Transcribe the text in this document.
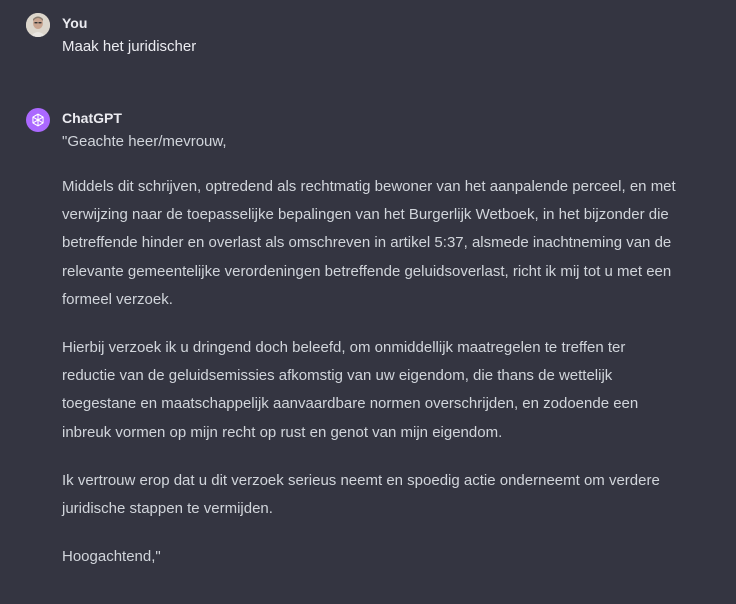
You
Maak het juridischer
ChatGPT

"Geachte heer/mevrouw,

Middels dit schrijven, optredend als rechtmatig bewoner van het aanpalende perceel, en met verwijzing naar de toepasselijke bepalingen van het Burgerlijk Wetboek, in het bijzonder die betreffende hinder en overlast als omschreven in artikel 5:37, alsmede inachtneming van de relevante gemeentelijke verordeningen betreffende geluidsoverlast, richt ik mij tot u met een formeel verzoek.

Hierbij verzoek ik u dringend doch beleefd, om onmiddellijk maatregelen te treffen ter reductie van de geluidsemissies afkomstig van uw eigendom, die thans de wettelijk toegestane en maatschappelijk aanvaardbare normen overschrijden, en zodoende een inbreuk vormen op mijn recht op rust en genot van mijn eigendom.

Ik vertrouw erop dat u dit verzoek serieus neemt en spoedig actie onderneemt om verdere juridische stappen te vermijden.

Hoogachtend,"
